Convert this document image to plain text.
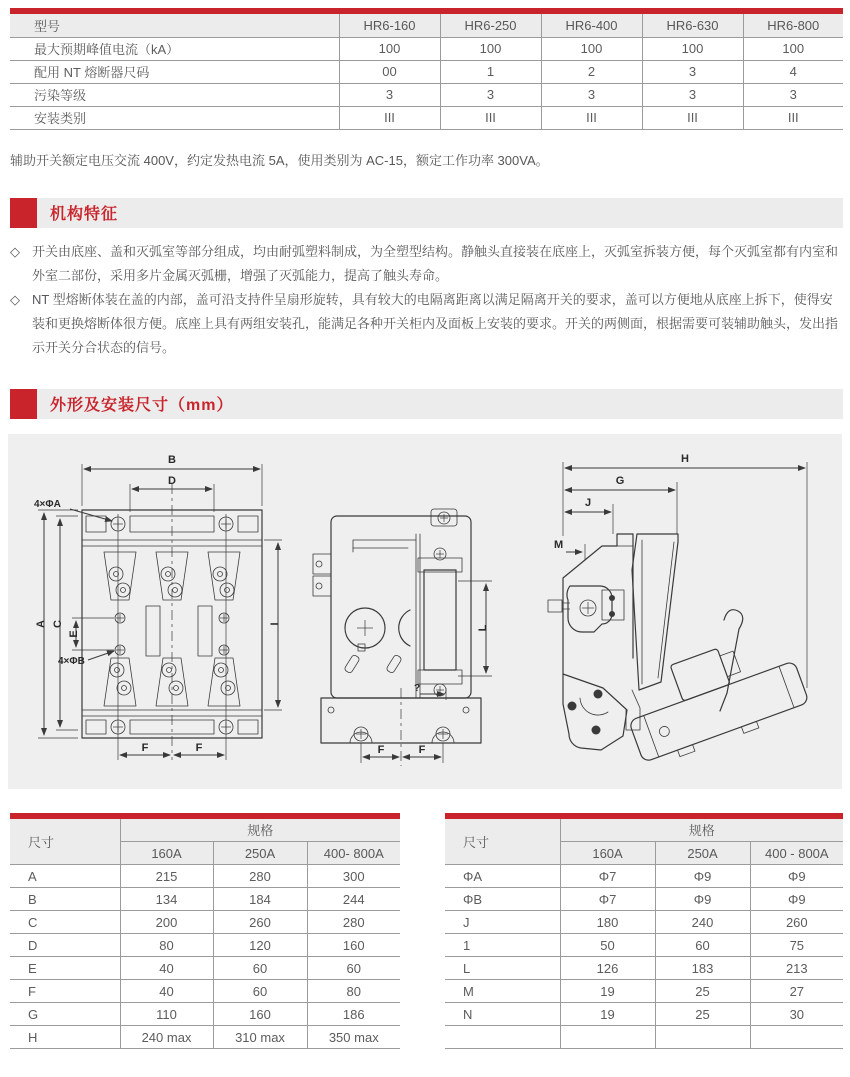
型号	HR6-160	HR6-250	HR6-400	HR6-630	HR6-800
最大预期峰值电流（kA）	100	100	100	100	100
配用 NT 熔断器尺码	00	1	2	3	4
污染等级	3	3	3	3	3
安装类别	III	III	III	III	III
辅助开关额定电压交流 400V，约定发热电流 5A，使用类别为 AC-15，额定工作功率 300VA。
机构特征
◇ 开关由底座、盖和灭弧室等部分组成，均由耐弧塑料制成，为全塑型结构。静触头直接装在底座上，灭弧室拆装方便，每个灭弧室都有内室和外室二部份，采用多片金属灭弧栅，增强了灭弧能力，提高了触头寿命。
◇ NT 型熔断体装在盖的内部，盖可沿支持件呈扇形旋转，具有较大的电隔离距离以满足隔离开关的要求，盖可以方便地从底座上拆下，使得安装和更换熔断体很方便。底座上具有两组安装孔，能满足各种开关柜内及面板上安装的要求。开关的两侧面，根据需要可装辅助触头，发出指示开关分合状态的信号。
外形及安装尺寸（mm）
B
D
4×ΦA
A C
E
4×ΦB
I
F	F
L
?
F	F
H
G
J
M
尺寸	规格		
	160A	250A	400- 800A
A	215	280	300
B	134	184	244
C	200	260	280
D	80	120	160
E	40	60	60
F	40	60	80
G	110	160	186
H	240 max	310 max	350 max
尺寸	规格		
	160A	250A	400 - 800A
ΦA	Φ7	Φ9	Φ9
ΦB	Φ7	Φ9	Φ9
J	180	240	260
1	50	60	75
L	126	183	213
M	19	25	27
N	19	25	30
